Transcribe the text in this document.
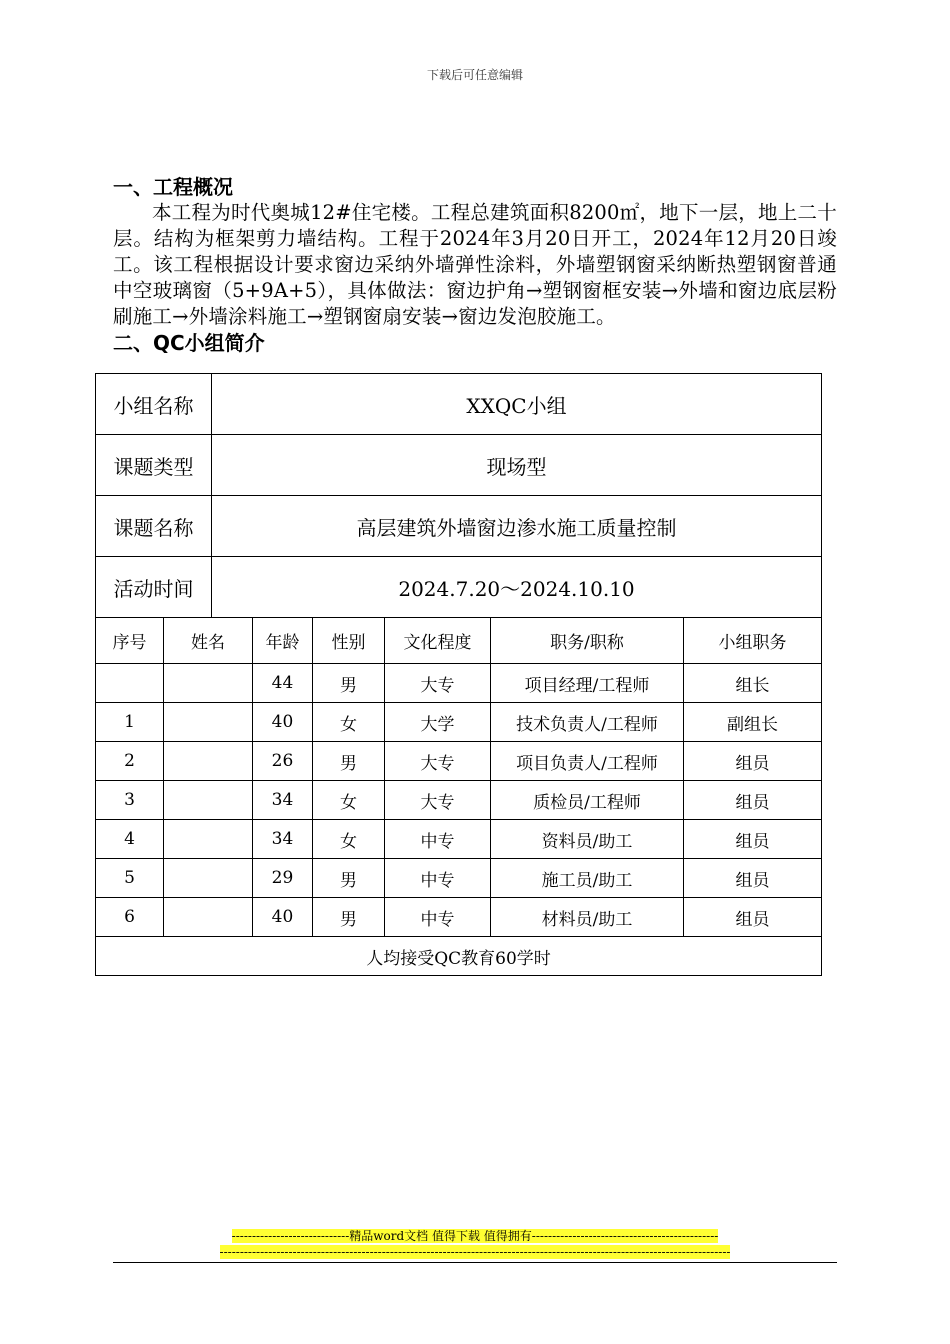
下载后可任意编辑
一、工程概况

本工程为时代奥城12#住宅楼。工程总建筑面积8200㎡，地下一层，地上二十层。结构为框架剪力墙结构。工程于2024年3月20日开工，2024年12月20日竣工。该工程根据设计要求窗边采纳外墙弹性涂料，外墙塑钢窗采纳断热塑钢窗普通中空玻璃窗（5+9A+5），具体做法：窗边护角→塑钢窗框安装→外墙和窗边底层粉刷施工→外墙涂料施工→塑钢窗扇安装→窗边发泡胶施工。

二、QC小组简介
小组名称		XXQC小组					
课题类型		现场型					
课题名称		高层建筑外墙窗边渗水施工质量控制					
活动时间		2024.7.20～2024.10.10					
序号	姓名		年龄	性别	文化程度	职务/职称	小组职务
			44	男	大专	项目经理/工程师	组长
1			40	女	大学	技术负责人/工程师	副组长
2			26	男	大专	项目负责人/工程师	组员
3			34	女	大专	质检员/工程师	组员
4			34	女	中专	资料员/助工	组员
5			29	男	中专	施工员/助工	组员
6			40	男	中专	材料员/助工	组员
人均接受QC教育60学时							
-----------------------------精品word文档 值得下载 值得拥有----------------------------------------------
------------------------------------------------------------------------------------------------------------------------------
